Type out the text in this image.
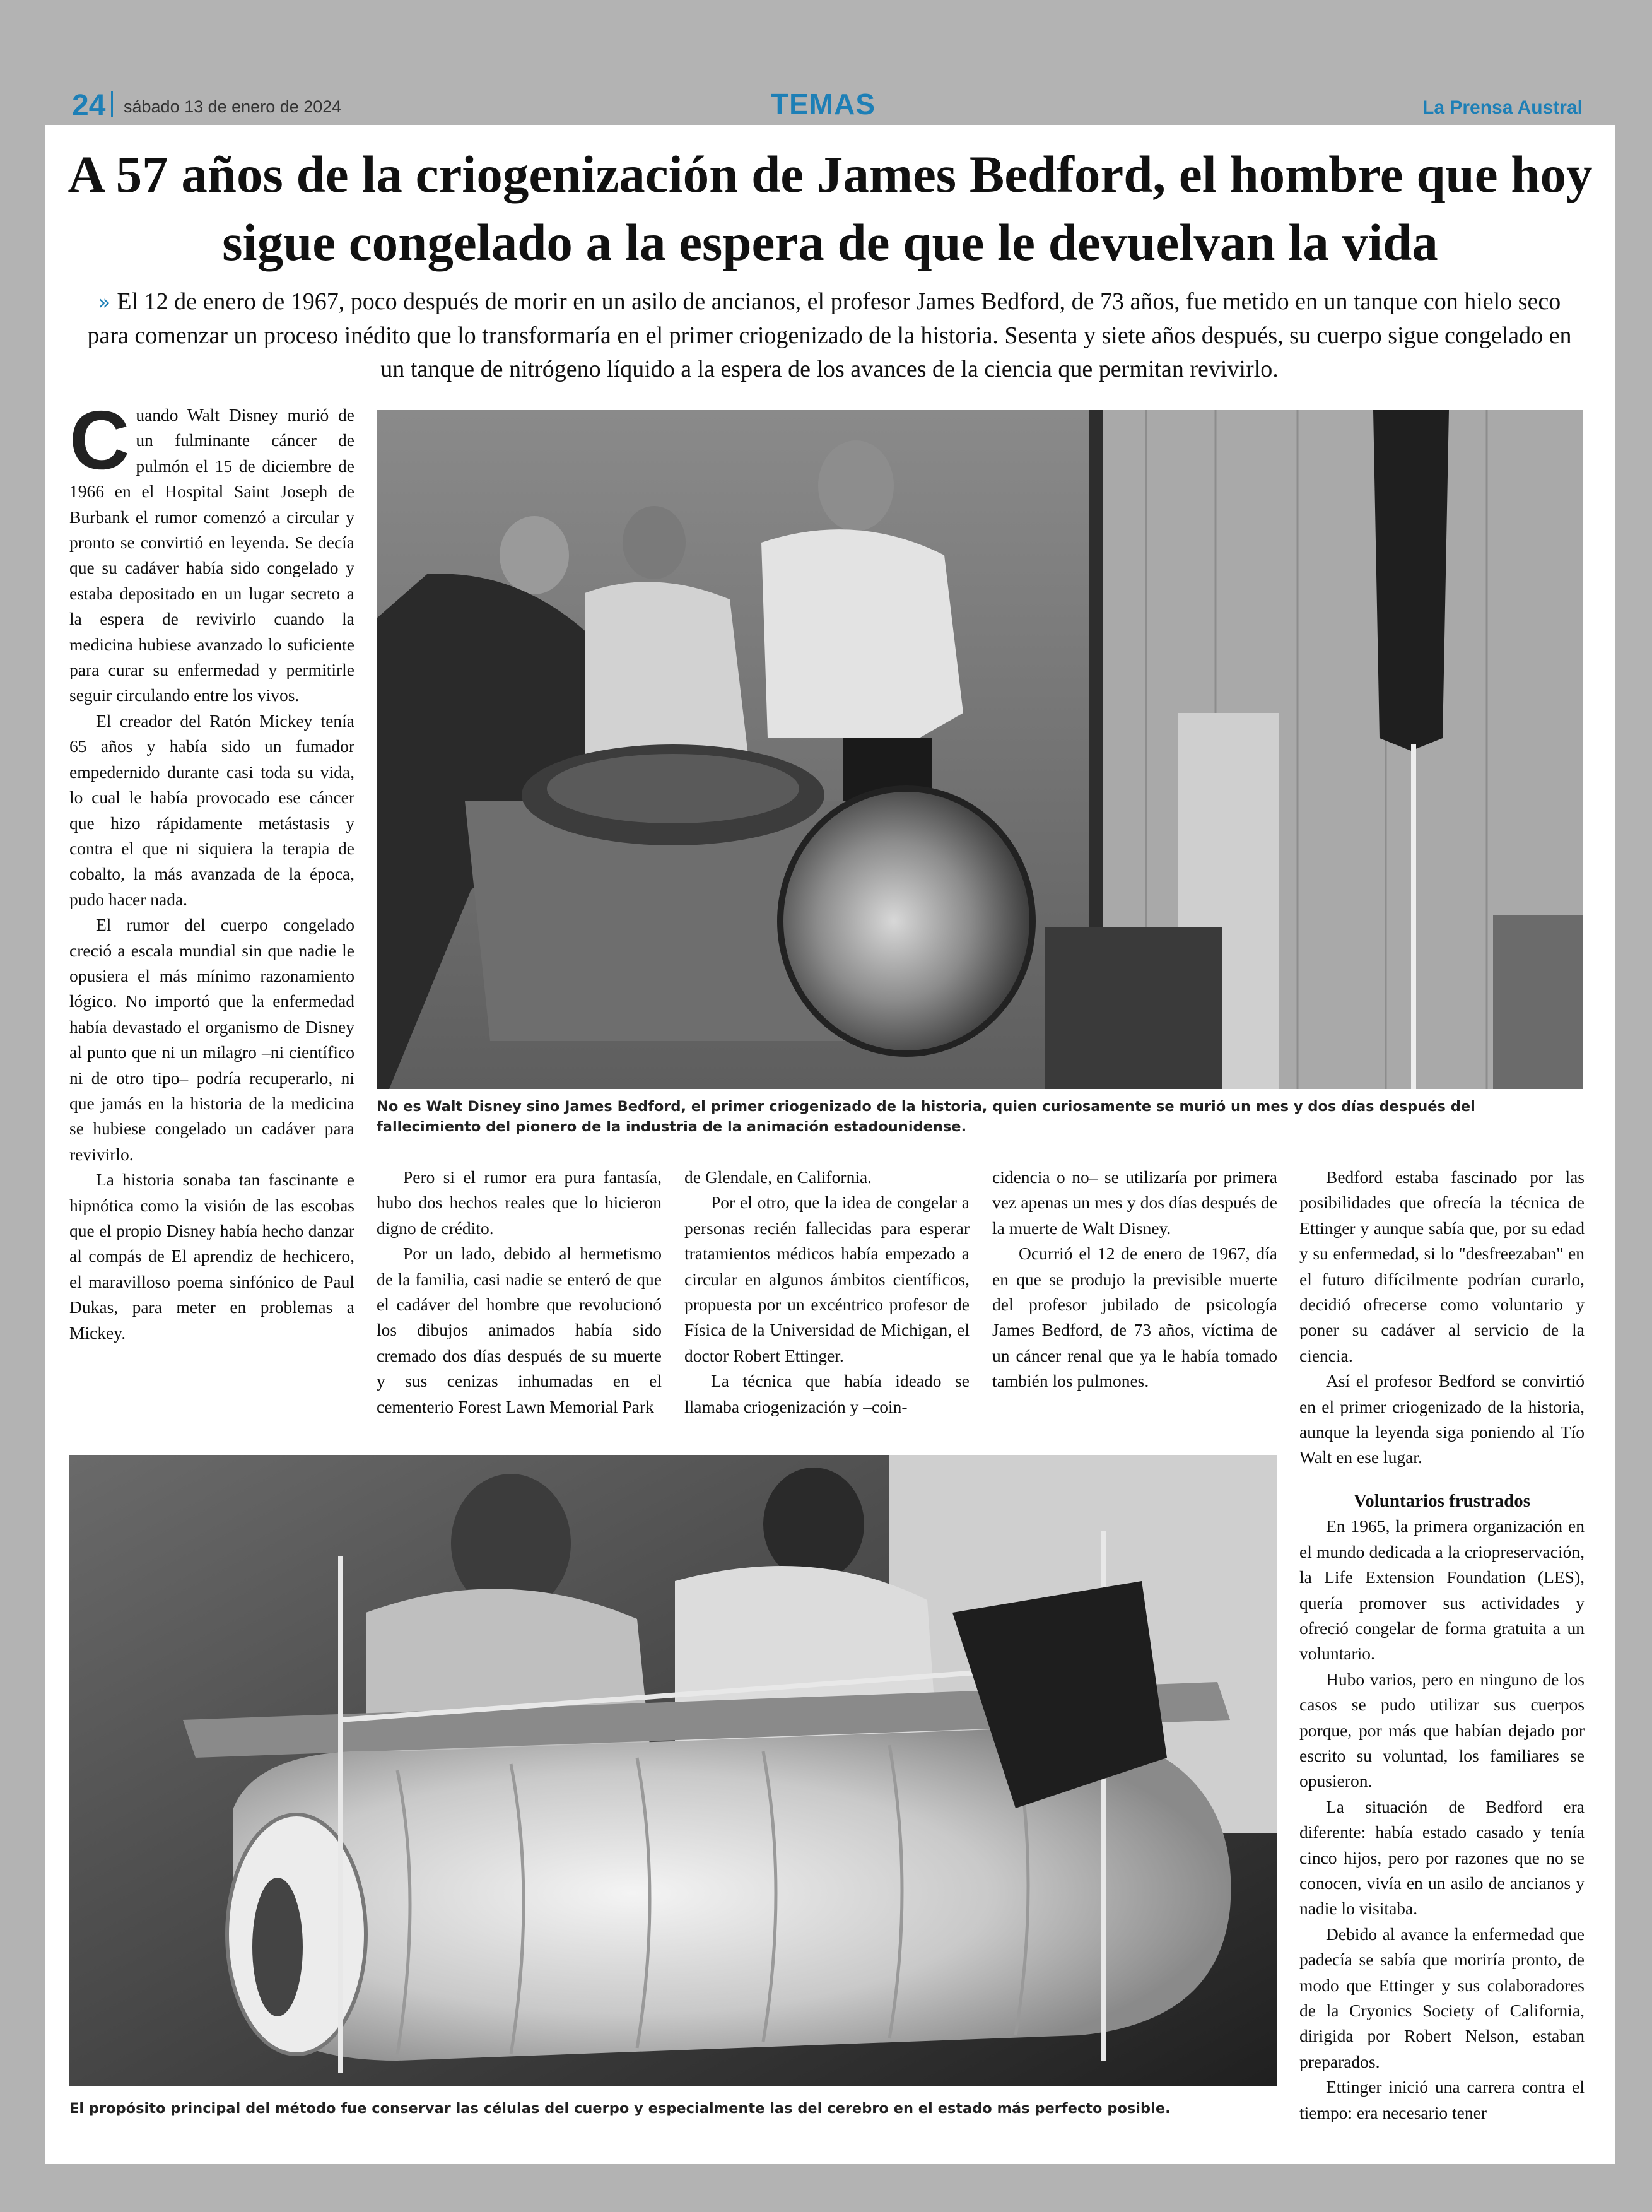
24 sábado 13 de enero de 2024	TEMAS	La Prensa Austral
A 57 años de la criogenización de James Bedford, el hombre que hoy sigue congelado a la espera de que le devuelvan la vida

» El 12 de enero de 1967, poco después de morir en un asilo de ancianos, el profesor James Bedford, de 73 años, fue metido en un tanque con hielo seco para comenzar un proceso inédito que lo transformaría en el primer criogenizado de la historia. Sesenta y siete años después, su cuerpo sigue congelado en un tanque de nitrógeno líquido a la espera de los avances de la ciencia que permitan revivirlo.

Cuando Walt Disney murió de un fulminante cáncer de pulmón el 15 de diciembre de 1966 en el Hospital Saint Joseph de Burbank el rumor comenzó a circular y pronto se convirtió en leyenda. Se decía que su cadáver había sido congelado y estaba depositado en un lugar secreto a la espera de revivirlo cuando la medicina hubiese avanzado lo suficiente para curar su enfermedad y permitirle seguir circulando entre los vivos.

El creador del Ratón Mickey tenía 65 años y había sido un fumador empedernido durante casi toda su vida, lo cual le había provocado ese cáncer que hizo rápidamente metástasis y contra el que ni siquiera la terapia de cobalto, la más avanzada de la época, pudo hacer nada.

El rumor del cuerpo congelado creció a escala mundial sin que nadie le opusiera el más mínimo razonamiento lógico. No importó que la enfermedad había devastado el organismo de Disney al punto que ni un milagro –ni científico ni de otro tipo– podría recuperarlo, ni que jamás en la historia de la medicina se hubiese congelado un cadáver para revivirlo.

La historia sonaba tan fascinante e hipnótica como la visión de las escobas que el propio Disney había hecho danzar al compás de El aprendiz de hechicero, el maravilloso poema sinfónico de Paul Dukas, para meter en problemas a Mickey.

No es Walt Disney sino James Bedford, el primer criogenizado de la historia, quien curiosamente se murió un mes y dos días después del fallecimiento del pionero de la industria de la animación estadounidense.

Pero si el rumor era pura fantasía, hubo dos hechos reales que lo hicieron digno de crédito.

Por un lado, debido al hermetismo de la familia, casi nadie se enteró de que el cadáver del hombre que revolucionó los dibujos animados había sido cremado dos días después de su muerte y sus cenizas inhumadas en el cementerio Forest Lawn Memorial Park

de Glendale, en California.

Por el otro, que la idea de congelar a personas recién fallecidas para esperar tratamientos médicos había empezado a circular en algunos ámbitos científicos, propuesta por un excéntrico profesor de Física de la Universidad de Michigan, el doctor Robert Ettinger.

La técnica que había ideado se llamaba criogenización y –coin-

cidencia o no– se utilizaría por primera vez apenas un mes y dos días después de la muerte de Walt Disney.

Ocurrió el 12 de enero de 1967, día en que se produjo la previsible muerte del profesor jubilado de psicología James Bedford, de 73 años, víctima de un cáncer renal que ya le había tomado también los pulmones.

Bedford estaba fascinado por las posibilidades que ofrecía la técnica de Ettinger y aunque sabía que, por su edad y su enfermedad, si lo "desfreezaban" en el futuro difícilmente podrían curarlo, decidió ofrecerse como voluntario y poner su cadáver al servicio de la ciencia.

Así el profesor Bedford se convirtió en el primer criogenizado de la historia, aunque la leyenda siga poniendo al Tío Walt en ese lugar.

Voluntarios frustrados

En 1965, la primera organización en el mundo dedicada a la criopreservación, la Life Extension Foundation (LES), quería promover sus actividades y ofreció congelar de forma gratuita a un voluntario.

Hubo varios, pero en ninguno de los casos se pudo utilizar sus cuerpos porque, por más que habían dejado por escrito su voluntad, los familiares se opusieron.

La situación de Bedford era diferente: había estado casado y tenía cinco hijos, pero por razones que no se conocen, vivía en un asilo de ancianos y nadie lo visitaba.

Debido al avance la enfermedad que padecía se sabía que moriría pronto, de modo que Ettinger y sus colaboradores de la Cryonics Society of California, dirigida por Robert Nelson, estaban preparados.

Ettinger inició una carrera contra el tiempo: era necesario tener

El propósito principal del método fue conservar las células del cuerpo y especialmente las del cerebro en el estado más perfecto posible.
